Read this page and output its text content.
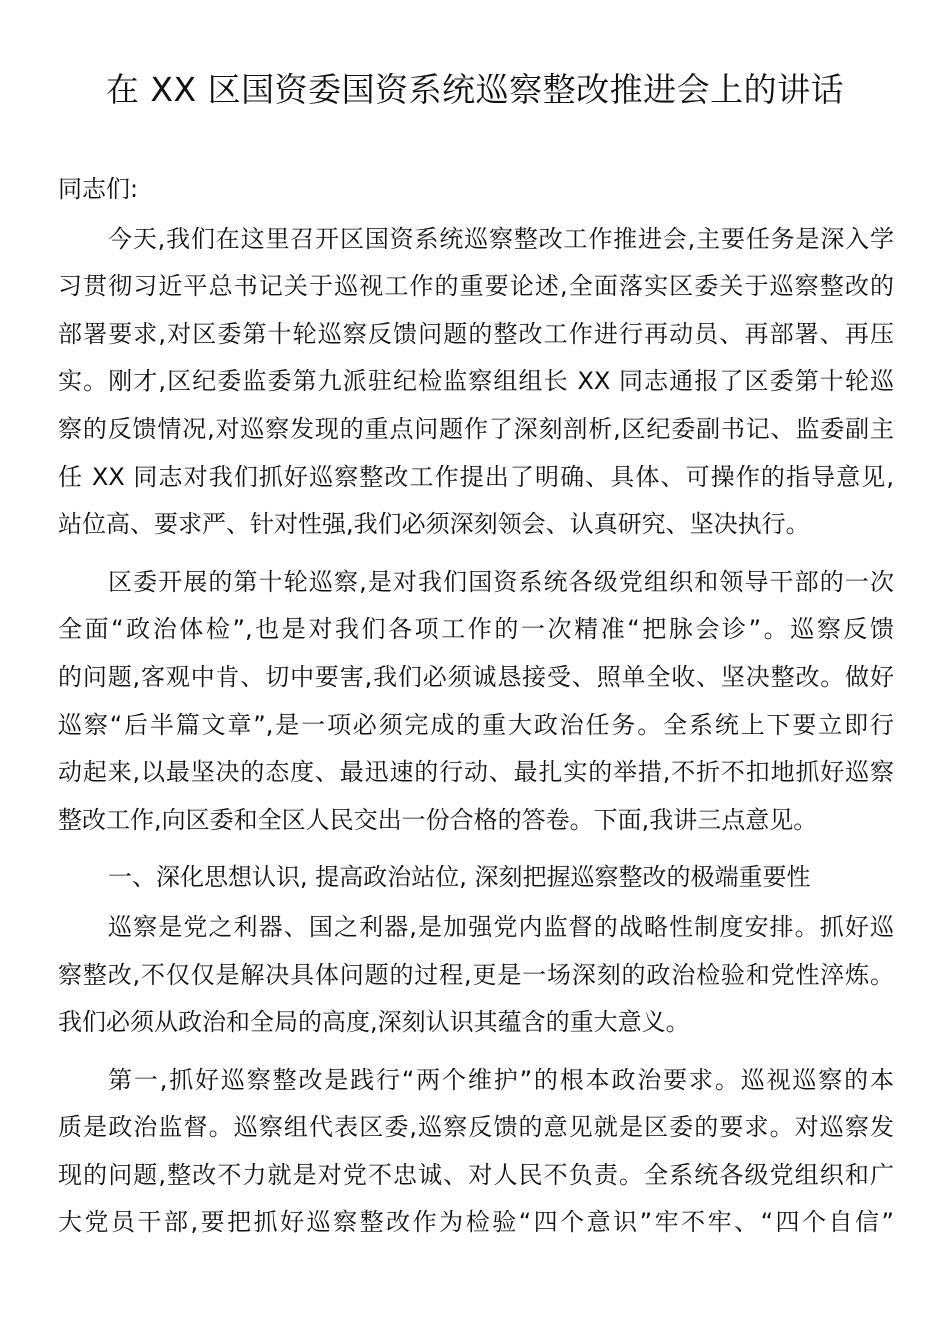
在 XX 区国资委国资系统巡察整改推进会上的讲话
同志们:
今天,我们在这里召开区国资系统巡察整改工作推进会,主要任务是深入学
习贯彻习近平总书记关于巡视工作的重要论述,全面落实区委关于巡察整改的
部署要求,对区委第十轮巡察反馈问题的整改工作进行再动员、再部署、再压
实。刚才,区纪委监委第九派驻纪检监察组组长 XX 同志通报了区委第十轮巡
察的反馈情况,对巡察发现的重点问题作了深刻剖析,区纪委副书记、监委副主
任 XX 同志对我们抓好巡察整改工作提出了明确、具体、可操作的指导意见,
站位高、要求严、针对性强,我们必须深刻领会、认真研究、坚决执行。
区委开展的第十轮巡察,是对我们国资系统各级党组织和领导干部的一次
全面“政治体检”,也是对我们各项工作的一次精准“把脉会诊”。巡察反馈
的问题,客观中肯、切中要害,我们必须诚恳接受、照单全收、坚决整改。做好
巡察“后半篇文章”,是一项必须完成的重大政治任务。全系统上下要立即行
动起来,以最坚决的态度、最迅速的行动、最扎实的举措,不折不扣地抓好巡察
整改工作,向区委和全区人民交出一份合格的答卷。下面,我讲三点意见。
一、深化思想认识, 提高政治站位, 深刻把握巡察整改的极端重要性
巡察是党之利器、国之利器,是加强党内监督的战略性制度安排。抓好巡
察整改,不仅仅是解决具体问题的过程,更是一场深刻的政治检验和党性淬炼。
我们必须从政治和全局的高度,深刻认识其蕴含的重大意义。
第一,抓好巡察整改是践行“两个维护”的根本政治要求。巡视巡察的本
质是政治监督。巡察组代表区委,巡察反馈的意见就是区委的要求。对巡察发
现的问题,整改不力就是对党不忠诚、对人民不负责。全系统各级党组织和广
大党员干部,要把抓好巡察整改作为检验“四个意识”牢不牢、“四个自信”
